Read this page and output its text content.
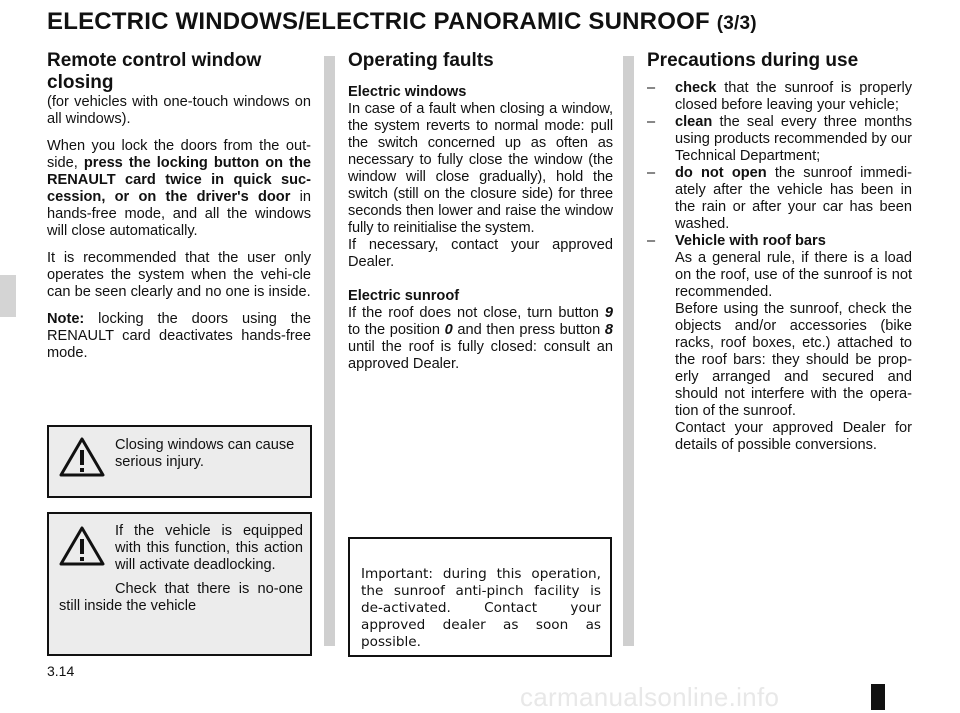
ELECTRIC WINDOWS/ELECTRIC PANORAMIC SUNROOF (3/3)
Remote control window closing

(for vehicles with one-touch windows on all windows).

When you lock the doors from the out-side, press the locking button on the RENAULT card twice in quick suc-cession, or on the driver's door in hands-free mode, and all the windows will close automatically.

It is recommended that the user only operates the system when the vehi-cle can be seen clearly and no one is inside.

Note: locking the doors using the RENAULT card deactivates hands-free mode.

Closing windows can cause serious injury.
If the vehicle is equipped with this function, this action will activate deadlocking.
Check that there is no-one still inside the vehicle
Operating faults

Electric windows

In case of a fault when closing a window, the system reverts to normal mode: pull the switch concerned up as often as necessary to fully close the window (the window will close gradually), hold the switch (still on the closure side) for three seconds then lower and raise the window fully to reinitialise the system.

If necessary, contact your approved Dealer.

Electric sunroof

If the roof does not close, turn button 9 to the position 0 and then press button 8 until the roof is fully closed: consult an approved Dealer.

Important: during this operation, the sunroof anti-pinch facility is de-activated. Contact your approved dealer as soon as possible.
Precautions during use

– check that the sunroof is properly closed before leaving your vehicle;

– clean the seal every three months using products recommended by our Technical Department;

– do not open the sunroof immedi-ately after the vehicle has been in the rain or after your car has been washed.

– Vehicle with roof bars

As a general rule, if there is a load on the roof, use of the sunroof is not recommended.

Before using the sunroof, check the objects and/or accessories (bike racks, roof boxes, etc.) attached to the roof bars: they should be prop-erly arranged and secured and should not interfere with the opera-tion of the sunroof.

Contact your approved Dealer for details of possible conversions.

3.14
carmanualsonline.info
